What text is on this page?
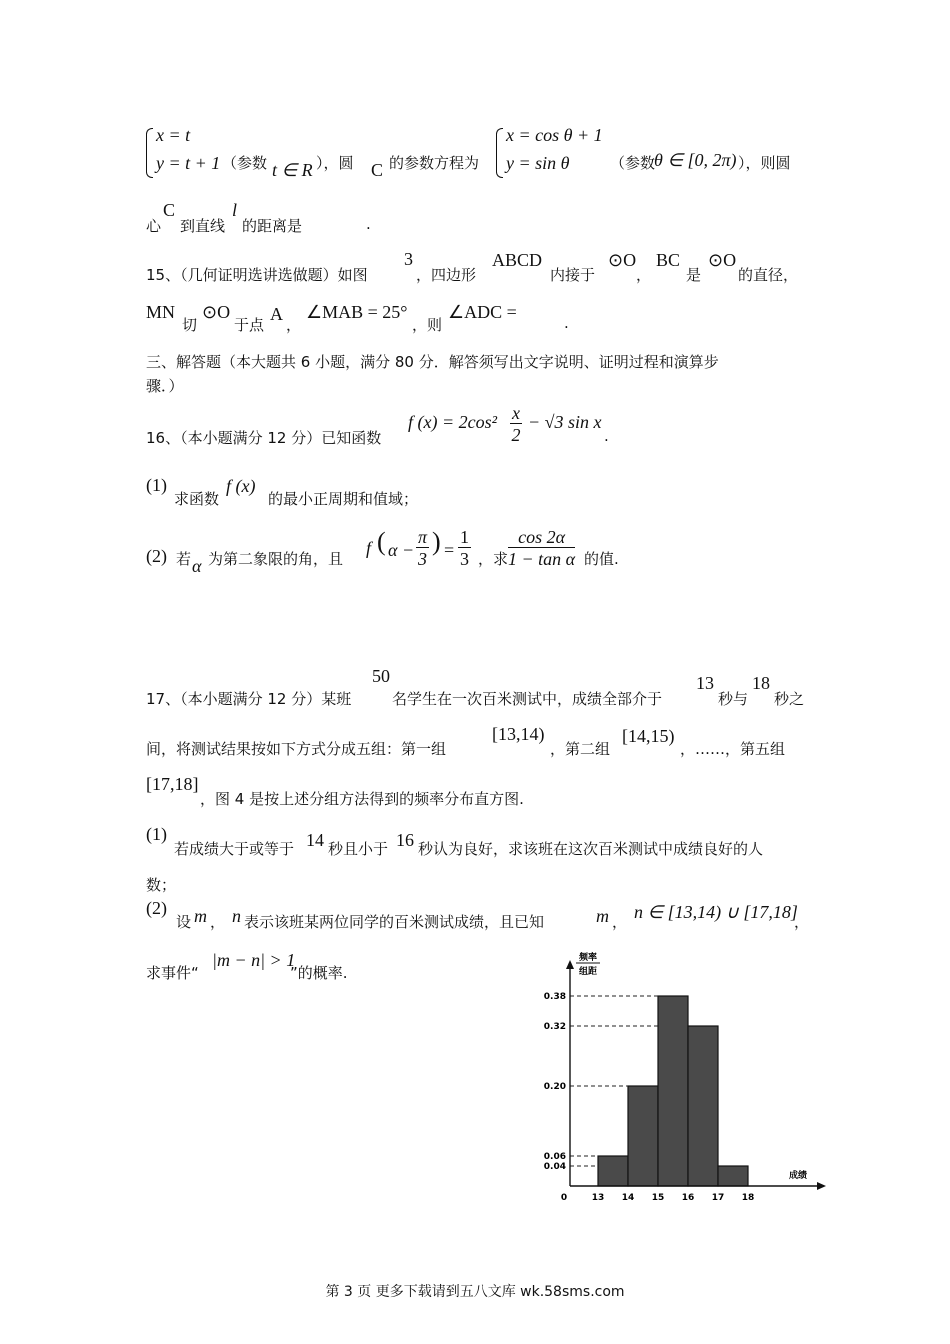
x = t
y = t + 1 （参数 t ∈ R ），圆 C 的参数方程为
x = cos θ + 1
y = sin θ	（参数
θ ∈ [0, 2π) ），则圆
心
C
到直线
l
的距离是	.
15、（几何证明选讲选做题）如图
3
，四边形
ABCD
内接于
⊙O
，
BC
是
⊙O
的直径，
MN
切
⊙O
于点
A
，
∠MAB = 25°
，则
∠ADC =
.
三、解答题（本大题共 6 小题，满分 80 分．解答须写出文字说明、证明过程和演算步
骤．）
16、（本小题满分 12 分）已知函数
f $(x) = 2\cos^2 \frac{x}{2} - √3$ sin x
.
(1)
求函数
f (x)
的最小正周期和值域；
(2) 若 α 为第二象限的角，且
f ( $\alpha - \frac{\pi}{3}$ ) = $\frac{1}{3}$ ，求 $\frac{\cos 2\alpha}{\text{1 − tan α}}$ 的值.
17、（本小题满分 12 分）某班
50
名学生在一次百米测试中，成绩全部介于
13
秒与
18
秒之
间，将测试结果按如下方式分成五组：第一组
[13,14)
，第二组
[14,15)
，……，第五组
[17,18]
，图 4 是按上述分组方法得到的频率分布直方图.
(1)
若成绩大于或等于 14 秒且小于 16 秒认为良好，求该班在这次百米测试中成绩良好的人
数；
(2)
设 m ， n 表示该班某两位同学的百米测试成绩，且已知	m ， n ∈ [13,14) ∪ [17,18]
，
求事件“
|m − n| > 1
”的概率.
0.04
0.06
0.20
0.32
0.38
13 14 15 16 17 18
0
成绩
频率
组距
第 3 页 更多下载请到五八文库 wk.58sms.com
